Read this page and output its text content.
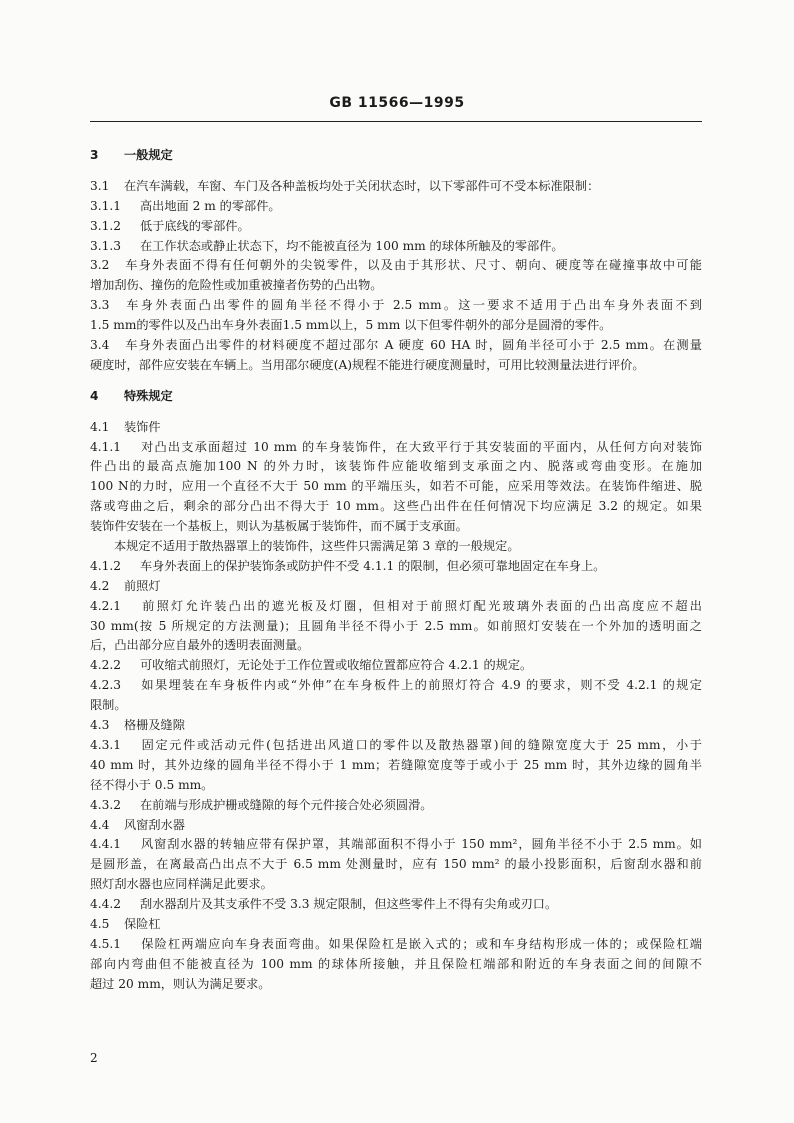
GB 11566—1995
3 一般规定
3.1 在汽车满载，车窗、车门及各种盖板均处于关闭状态时，以下零部件可不受本标准限制：
3.1.1 高出地面 2 m 的零部件。
3.1.2 低于底线的零部件。
3.1.3 在工作状态或静止状态下，均不能被直径为 100 mm 的球体所触及的零部件。
3.2 车身外表面不得有任何朝外的尖锐零件，以及由于其形状、尺寸、朝向、硬度等在碰撞事故中可能
增加刮伤、撞伤的危险性或加重被撞者伤势的凸出物。
3.3 车身外表面凸出零件的圆角半径不得小于 2.5 mm。这一要求不适用于凸出车身外表面不到
1.5 mm的零件以及凸出车身外表面1.5 mm以上，5 mm 以下但零件朝外的部分是圆滑的零件。
3.4 车身外表面凸出零件的材料硬度不超过邵尔 A 硬度 60 HA 时，圆角半径可小于 2.5 mm。在测量
硬度时，部件应安装在车辆上。当用邵尔硬度(A)规程不能进行硬度测量时，可用比较测量法进行评价。
4 特殊规定
4.1 装饰件
4.1.1 对凸出支承面超过 10 mm 的车身装饰件，在大致平行于其安装面的平面内，从任何方向对装饰
件凸出的最高点施加100 N 的外力时，该装饰件应能收缩到支承面之内、脱落或弯曲变形。在施加
100 N的力时，应用一个直径不大于 50 mm 的平端压头，如若不可能，应采用等效法。在装饰件缩进、脱
落或弯曲之后，剩余的部分凸出不得大于 10 mm。这些凸出件在任何情况下均应满足 3.2 的规定。如果
装饰件安装在一个基板上，则认为基板属于装饰件，而不属于支承面。
本规定不适用于散热器罩上的装饰件，这些件只需满足第 3 章的一般规定。
4.1.2 车身外表面上的保护装饰条或防护件不受 4.1.1 的限制，但必须可靠地固定在车身上。
4.2 前照灯
4.2.1 前照灯允许装凸出的遮光板及灯圈，但相对于前照灯配光玻璃外表面的凸出高度应不超出
30 mm(按 5 所规定的方法测量)；且圆角半径不得小于 2.5 mm。如前照灯安装在一个外加的透明面之
后，凸出部分应自最外的透明表面测量。
4.2.2 可收缩式前照灯，无论处于工作位置或收缩位置都应符合 4.2.1 的规定。
4.2.3 如果埋装在车身板件内或“外伸”在车身板件上的前照灯符合 4.9 的要求，则不受 4.2.1 的规定
限制。
4.3 格栅及缝隙
4.3.1 固定元件或活动元件(包括进出风道口的零件以及散热器罩)间的缝隙宽度大于 25 mm，小于
40 mm 时，其外边缘的圆角半径不得小于 1 mm；若缝隙宽度等于或小于 25 mm 时，其外边缘的圆角半
径不得小于 0.5 mm。
4.3.2 在前端与形成护栅或缝隙的每个元件接合处必须圆滑。
4.4 风窗刮水器
4.4.1 风窗刮水器的转轴应带有保护罩，其端部面积不得小于 150 mm²，圆角半径不小于 2.5 mm。如
是圆形盖，在离最高凸出点不大于 6.5 mm 处测量时，应有 150 mm² 的最小投影面积，后窗刮水器和前
照灯刮水器也应同样满足此要求。
4.4.2 刮水器刮片及其支承件不受 3.3 规定限制，但这些零件上不得有尖角或刃口。
4.5 保险杠
4.5.1 保险杠两端应向车身表面弯曲。如果保险杠是嵌入式的；或和车身结构形成一体的；或保险杠端
部向内弯曲但不能被直径为 100 mm 的球体所接触，并且保险杠端部和附近的车身表面之间的间隙不
超过 20 mm，则认为满足要求。
2
